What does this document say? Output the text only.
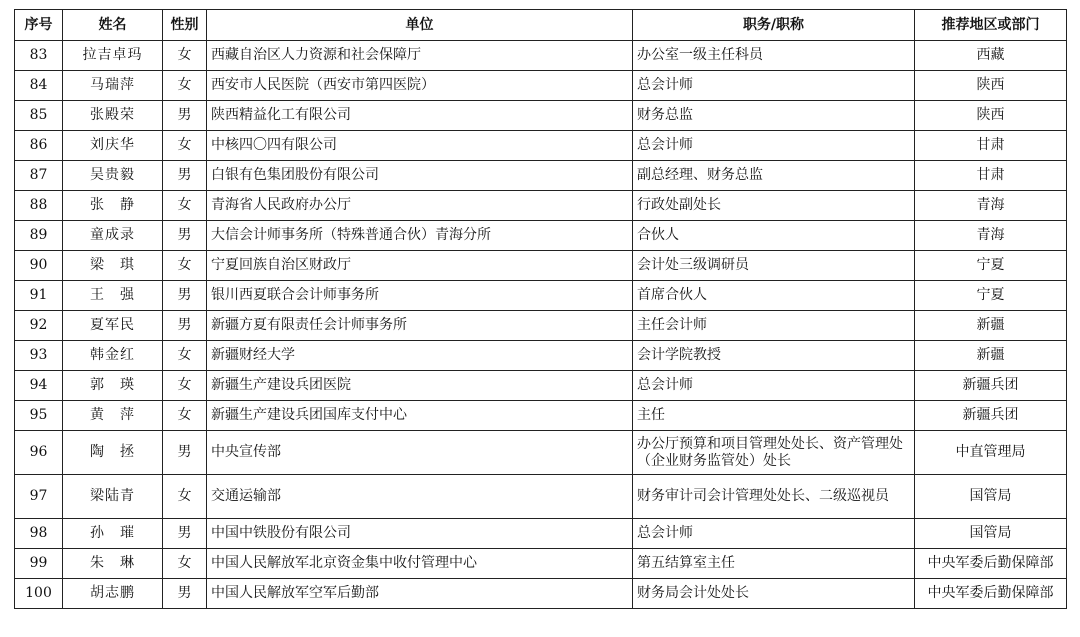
序号	姓名	性别	单位	职务/职称	推荐地区或部门
83	拉吉卓玛	女	西藏自治区人力资源和社会保障厅	办公室一级主任科员	西藏
84	马瑞萍	女	西安市人民医院（西安市第四医院）	总会计师	陕西
85	张殿荣	男	陕西精益化工有限公司	财务总监	陕西
86	刘庆华	女	中核四〇四有限公司	总会计师	甘肃
87	吴贵毅	男	白银有色集团股份有限公司	副总经理、财务总监	甘肃
88	张　静	女	青海省人民政府办公厅	行政处副处长	青海
89	童成录	男	大信会计师事务所（特殊普通合伙）青海分所	合伙人	青海
90	梁　琪	女	宁夏回族自治区财政厅	会计处三级调研员	宁夏
91	王　强	男	银川西夏联合会计师事务所	首席合伙人	宁夏
92	夏军民	男	新疆方夏有限责任会计师事务所	主任会计师	新疆
93	韩金红	女	新疆财经大学	会计学院教授	新疆
94	郭　瑛	女	新疆生产建设兵团医院	总会计师	新疆兵团
95	黄　萍	女	新疆生产建设兵团国库支付中心	主任	新疆兵团
96	陶　拯	男	中央宣传部	办公厅预算和项目管理处处长、资产管理处（企业财务监管处）处长	中直管理局
97	梁陆青	女	交通运输部	财务审计司会计管理处处长、二级巡视员	国管局
98	孙　璀	男	中国中铁股份有限公司	总会计师	国管局
99	朱　琳	女	中国人民解放军北京资金集中收付管理中心	第五结算室主任	中央军委后勤保障部
100	胡志鹏	男	中国人民解放军空军后勤部	财务局会计处处长	中央军委后勤保障部
